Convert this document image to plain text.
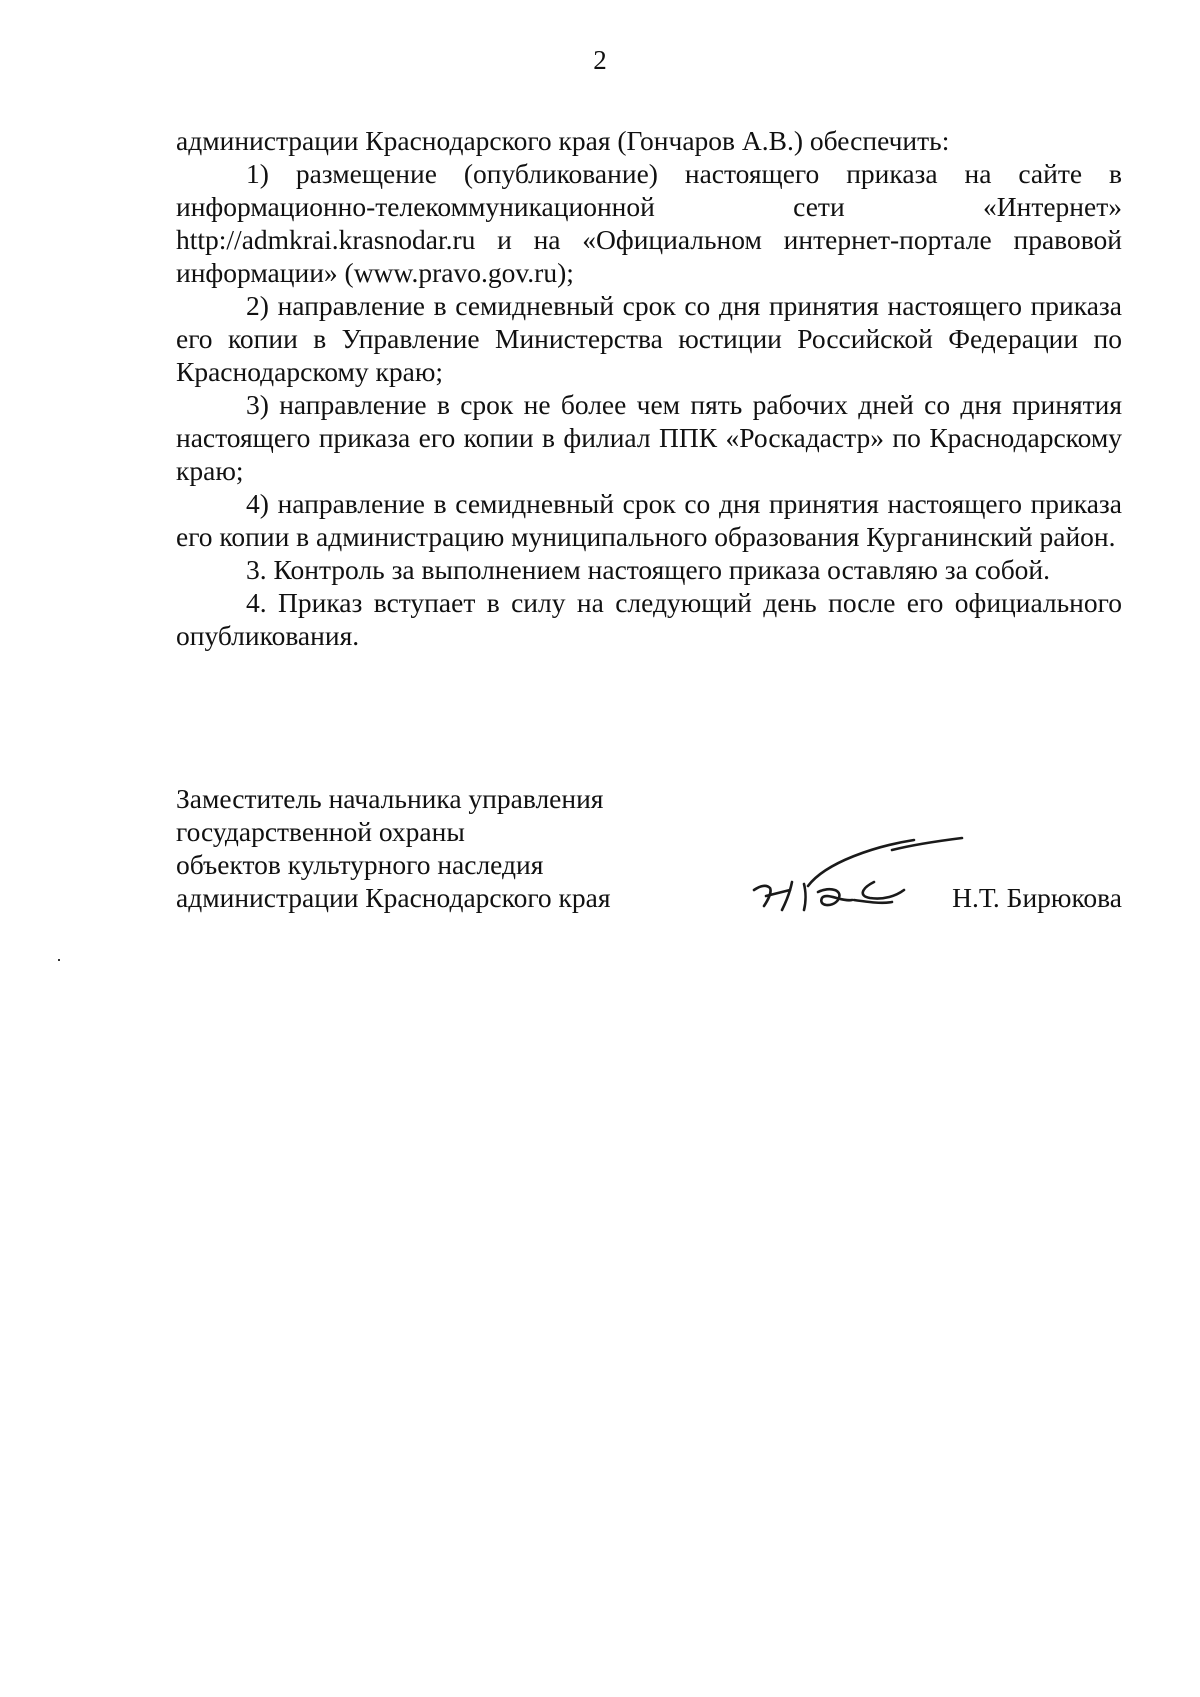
2

администрации Краснодарского края (Гончаров А.В.) обеспечить:

1) размещение (опубликование) настоящего приказа на сайте в информационно-телекоммуникационной сети «Интернет» http://admkrai.krasnodar.ru и на «Официальном интернет-портале правовой информации» (www.pravo.gov.ru);

2) направление в семидневный срок со дня принятия настоящего приказа его копии в Управление Министерства юстиции Российской Федерации по Краснодарскому краю;

3) направление в срок не более чем пять рабочих дней со дня принятия настоящего приказа его копии в филиал ППК «Роскадастр» по Краснодарскому краю;

4) направление в семидневный срок со дня принятия настоящего приказа его копии в администрацию муниципального образования Курганинский район.

3. Контроль за выполнением настоящего приказа оставляю за собой.

4. Приказ вступает в силу на следующий день после его официального опубликования.

Заместитель начальника управления
государственной охраны
объектов культурного наследия
администрации Краснодарского края	Н.Т. Бирюкова
